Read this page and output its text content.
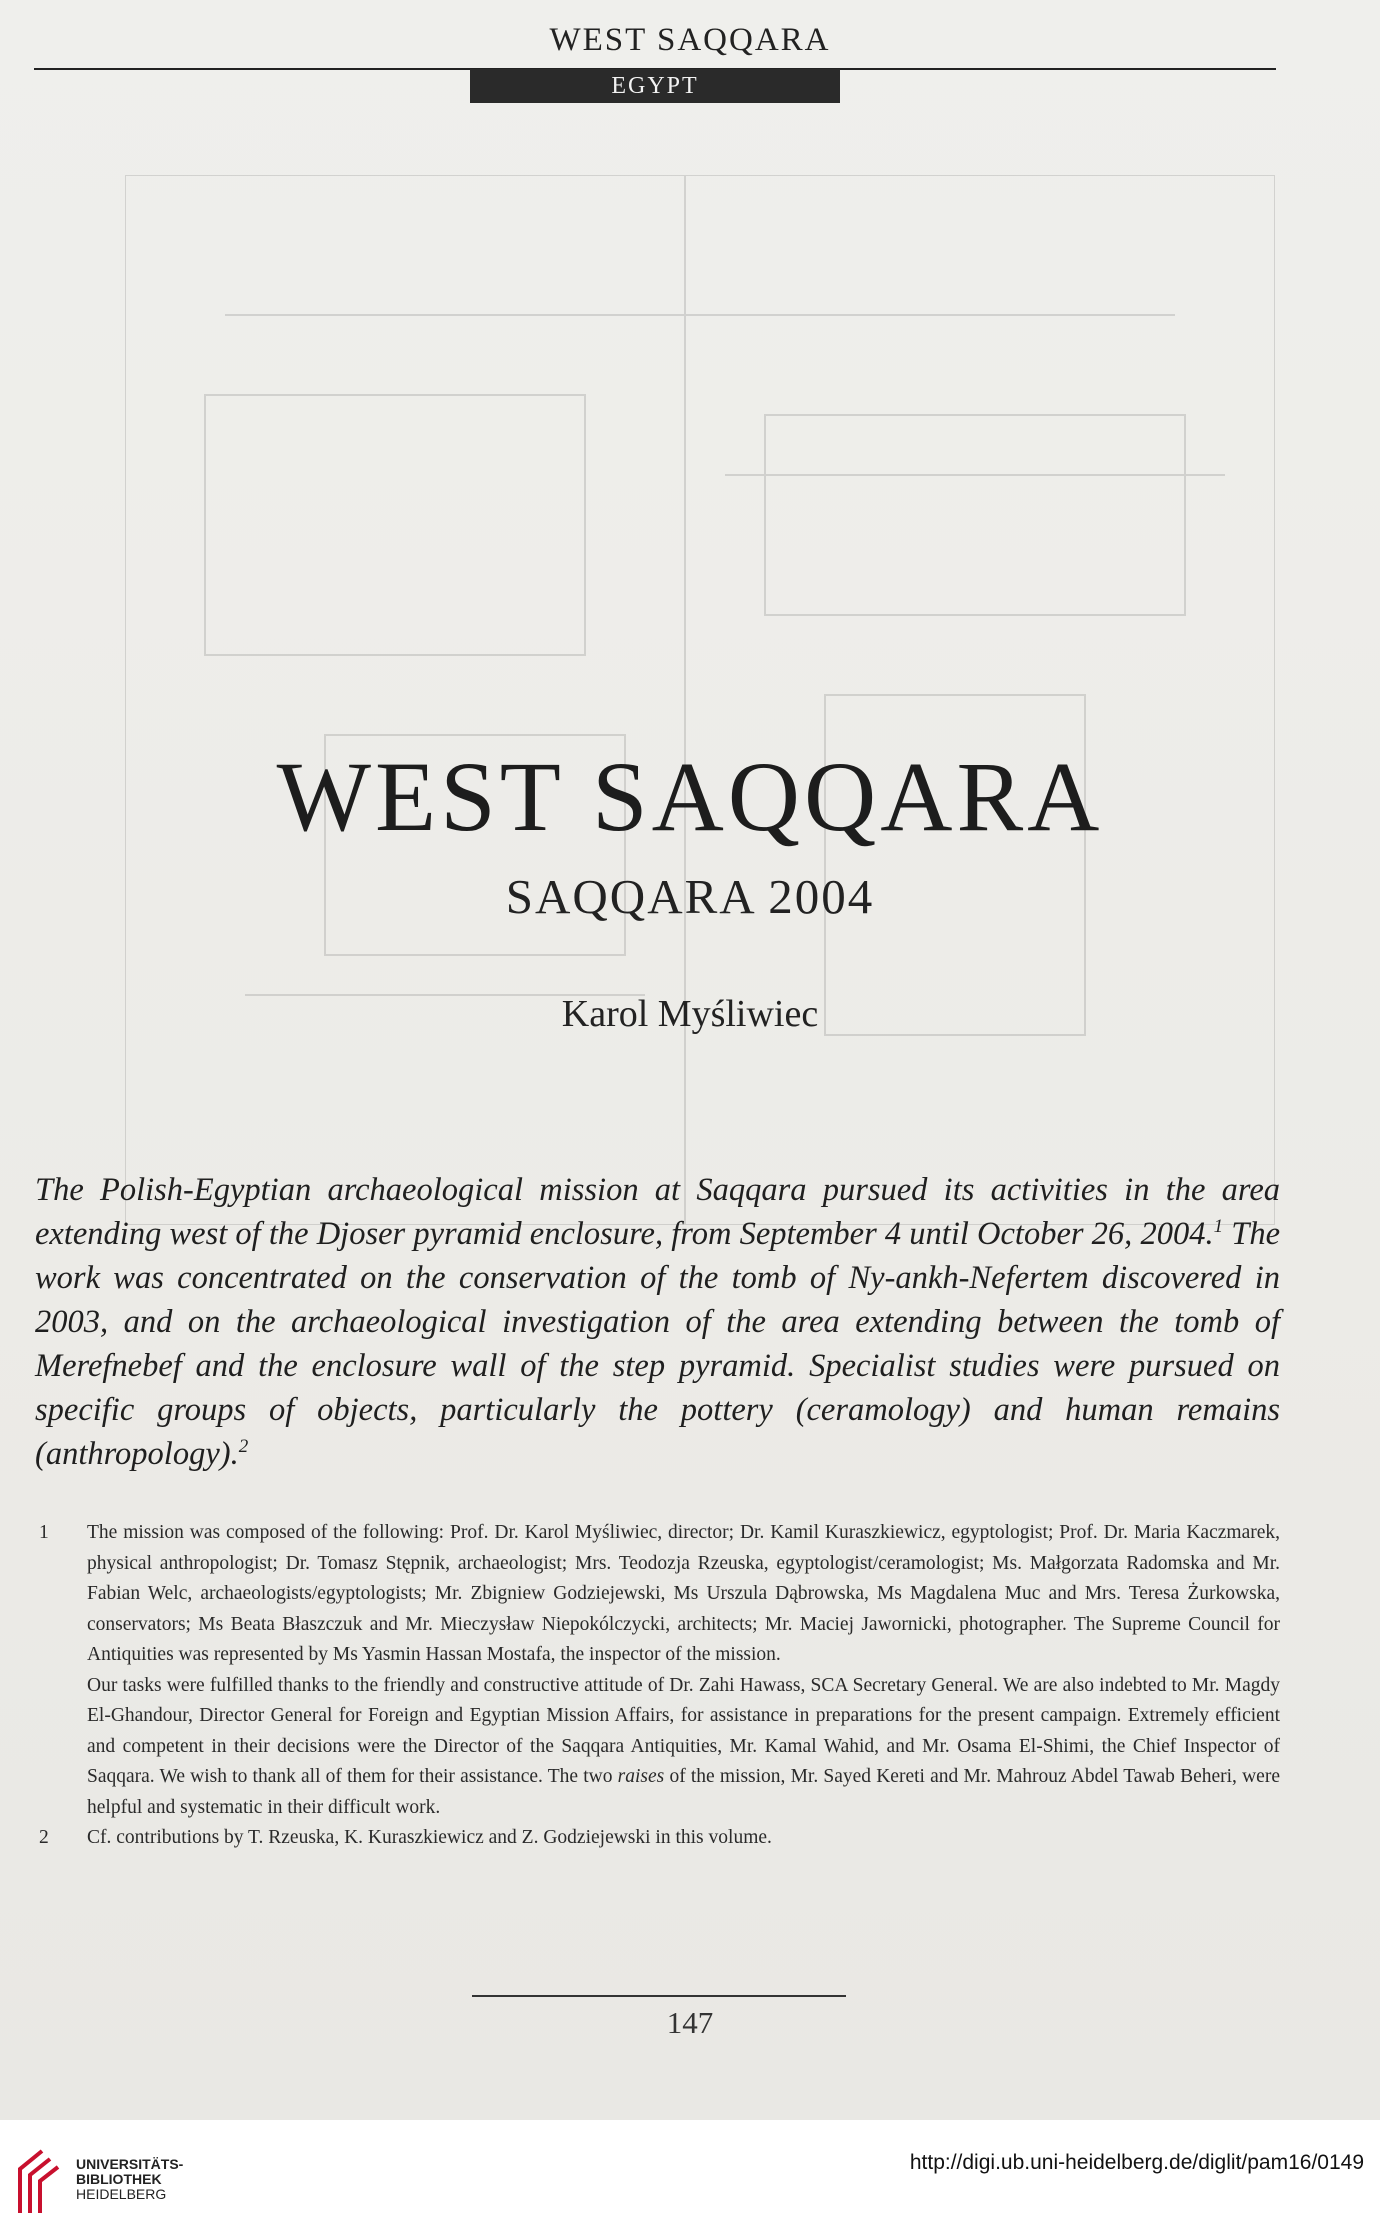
WEST SAQQARA
EGYPT
WEST SAQQARA
SAQQARA 2004
Karol Myśliwiec
The Polish-Egyptian archaeological mission at Saqqara pursued its activities in the area extending west of the Djoser pyramid enclosure, from September 4 until October 26, 2004.$^1$ The work was concentrated on the conservation of the tomb of Ny-ankh-Nefertem discovered in 2003, and on the archaeological investigation of the area extending between the tomb of Merefnebef and the enclosure wall of the step pyramid. Specialist studies were pursued on specific groups of objects, particularly the pottery (ceramology) and human remains (anthropology).$^2$
1 The mission was composed of the following: Prof. Dr. Karol Myśliwiec, director; Dr. Kamil Kuraszkiewicz, egyptologist; Prof. Dr. Maria Kaczmarek, physical anthropologist; Dr. Tomasz Stępnik, archaeologist; Mrs. Teodozja Rzeuska, egyptologist/ceramologist; Ms. Małgorzata Radomska and Mr. Fabian Welc, archaeologists/egyptologists; Mr. Zbigniew Godziejewski, Ms Urszula Dąbrowska, Ms Magdalena Muc and Mrs. Teresa Żurkowska, conservators; Ms Beata Błaszczuk and Mr. Mieczysław Niepokólczycki, architects; Mr. Maciej Jawornicki, photographer. The Supreme Council for Antiquities was represented by Ms Yasmin Hassan Mostafa, the inspector of the mission.

Our tasks were fulfilled thanks to the friendly and constructive attitude of Dr. Zahi Hawass, SCA Secretary General. We are also indebted to Mr. Magdy El-Ghandour, Director General for Foreign and Egyptian Mission Affairs, for assistance in preparations for the present campaign. Extremely efficient and competent in their decisions were the Director of the Saqqara Antiquities, Mr. Kamal Wahid, and Mr. Osama El-Shimi, the Chief Inspector of Saqqara. We wish to thank all of them for their assistance. The two raises of the mission, Mr. Sayed Kereti and Mr. Mahrouz Abdel Tawab Beheri, were helpful and systematic in their difficult work.

2 Cf. contributions by T. Rzeuska, K. Kuraszkiewicz and Z. Godziejewski in this volume.

147
UNIVERSITÄTS-
BIBLIOTHEK
HEIDELBERG
http://digi.ub.uni-heidelberg.de/diglit/pam16/0149
